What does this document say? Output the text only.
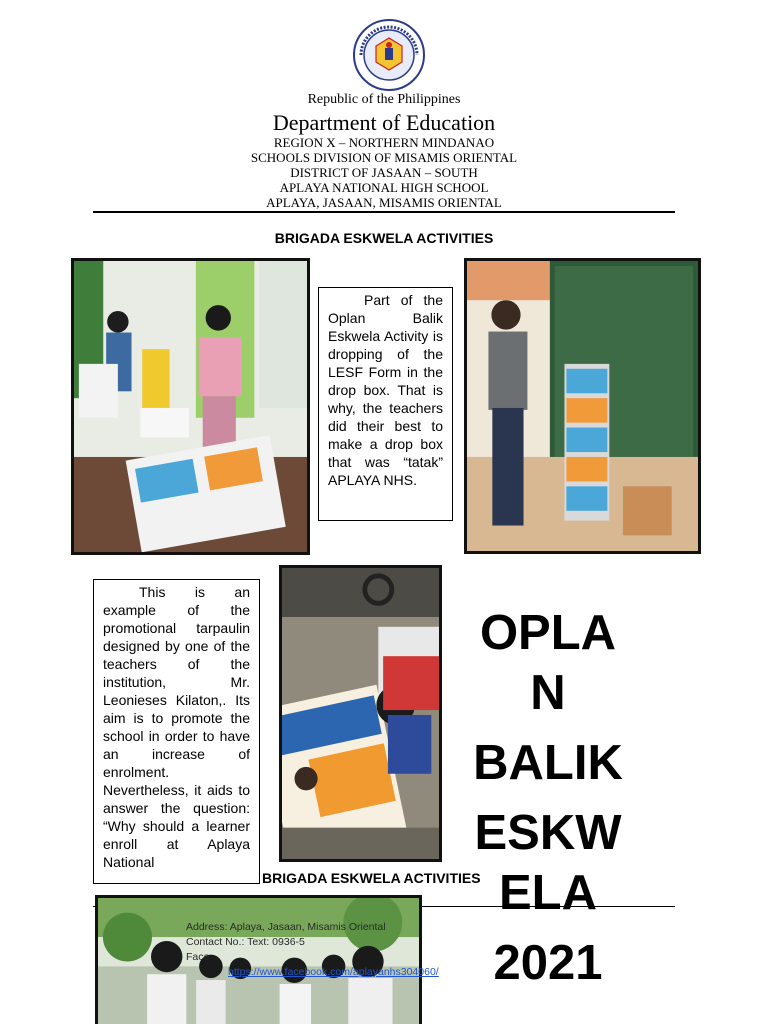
Republic of the Philippines
Department of Education
REGION X – NORTHERN MINDANAO
SCHOOLS DIVISION OF MISAMIS ORIENTAL
DISTRICT OF JASAAN – SOUTH
APLAYA NATIONAL HIGH SCHOOL
APLAYA, JASAAN, MISAMIS ORIENTAL
BRIGADA ESKWELA ACTIVITIES

Part of the Oplan Balik Eskwela Activity is dropping of the LESF Form in the drop box. That is why, the teachers did their best to make a drop box that was “tatak” APLAYA NHS.

This is an example of the promotional tarpaulin designed by one of the teachers of the institution, Mr. Leonieses Kilaton,. Its aim is to promote the school in order to have an increase of enrolment. Nevertheless, it aids to answer the question: “Why should a learner enroll at Aplaya National

OPLA
N
BALIK
ESKW
BRIGADA ESKWELA ACTIVITIES
Address: Aplaya, Jasaan, Misamis Oriental
Contact No.: Text: 0936-5
Face https://www.facebook.com/aplayanhs304060/
ELA
2021
